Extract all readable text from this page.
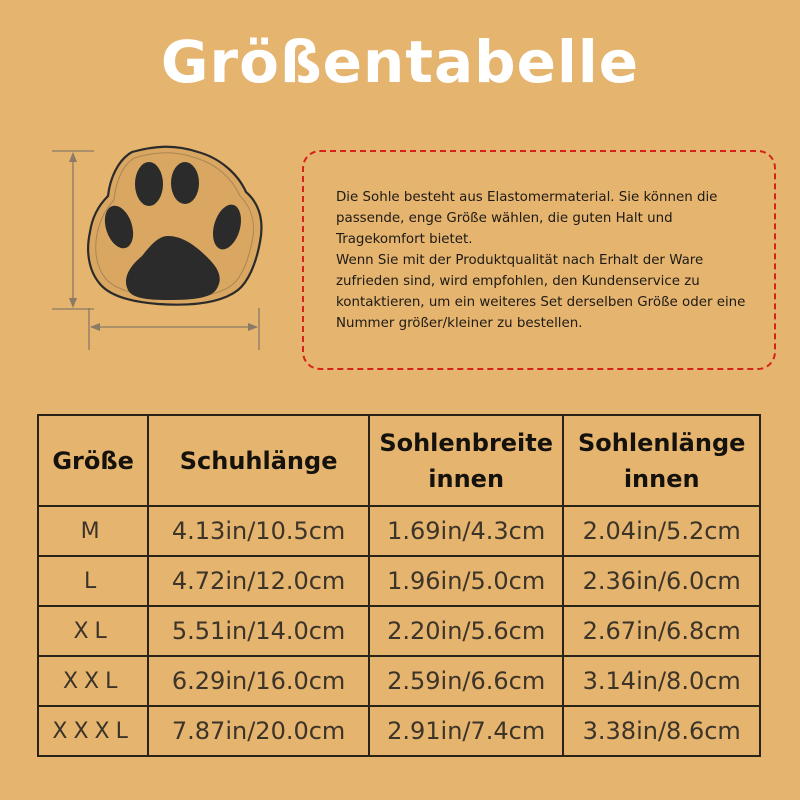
Größentabelle

Die Sohle besteht aus Elastomermaterial. Sie können die passende, enge Größe wählen, die guten Halt und Tragekomfort bietet.

Wenn Sie mit der Produktqualität nach Erhalt der Ware zufrieden sind, wird empfohlen, den Kundenservice zu kontaktieren, um ein weiteres Set derselben Größe oder eine Nummer größer/kleiner zu bestellen.

Größe	Schuhlänge	Sohlenbreite innen	Sohlenlänge innen
M	4.13in/10.5cm	1.69in/4.3cm	2.04in/5.2cm
L	4.72in/12.0cm	1.96in/5.0cm	2.36in/6.0cm
XL	5.51in/14.0cm	2.20in/5.6cm	2.67in/6.8cm
XXL	6.29in/16.0cm	2.59in/6.6cm	3.14in/8.0cm
XXXL	7.87in/20.0cm	2.91in/7.4cm	3.38in/8.6cm
